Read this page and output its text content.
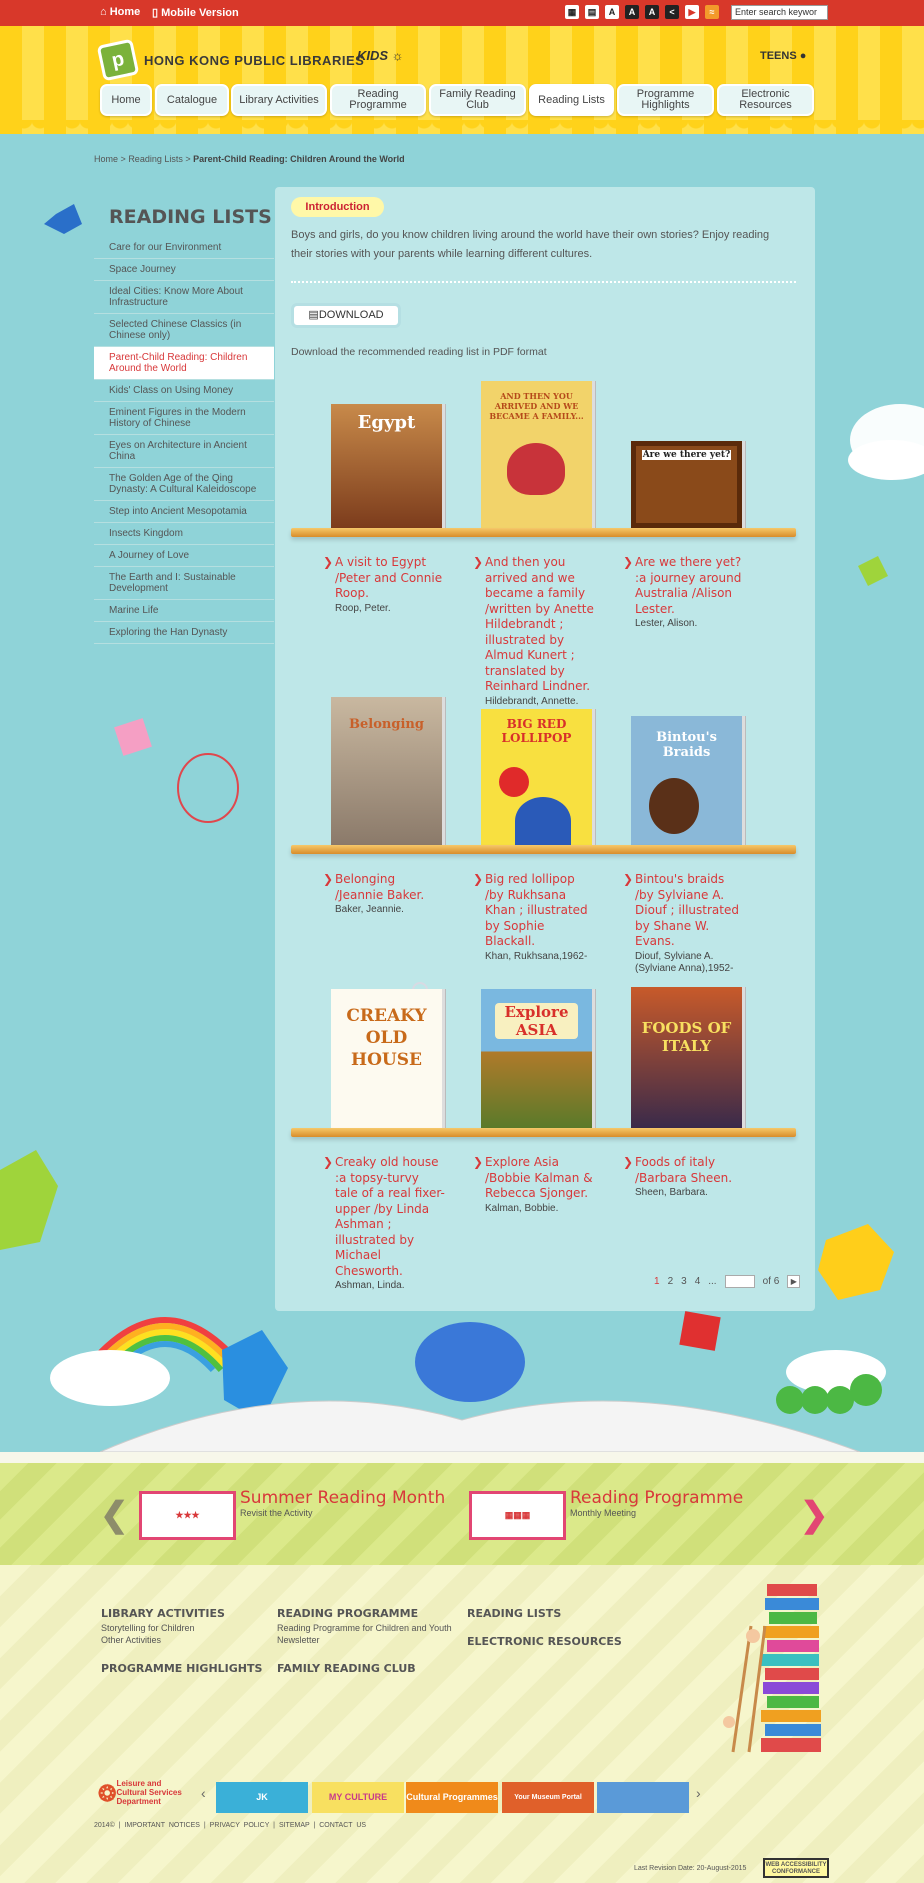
⌂ Home ▯ Mobile Version	▦	▤	A	A	A	<	▶	≈	Enter search keywor
p	HONG KONG PUBLIC LIBRARIES
KIDS ☼	TEENS ●
Home	Catalogue	Library Activities	Reading Programme
Family Reading Club	Reading Lists	Programme Highlights
Electronic Resources
Home > Reading Lists > Parent-Child Reading: Children Around the World
READING LISTS
Care for our Environment
Space Journey
Ideal Cities: Know More About Infrastructure
Selected Chinese Classics (in Chinese only)
Parent-Child Reading: Children Around the World
Kids' Class on Using Money
Eminent Figures in the Modern History of Chinese
Eyes on Architecture in Ancient China
The Golden Age of the Qing Dynasty: A Cultural Kaleidoscope
Step into Ancient Mesopotamia
Insects Kingdom
A Journey of Love
The Earth and I: Sustainable Development
Marine Life
Exploring the Han Dynasty
Introduction
Boys and girls, do you know children living around the world have their own stories? Enjoy reading their stories with your parents while learning different cultures.
▤DOWNLOAD
Download the recommended reading list in PDF format
Egypt
AND THEN YOU ARRIVED AND WE BECAME A FAMILY...
Are we there yet?
❯ A visit to Egypt /Peter and Connie Roop.
Roop, Peter.
❯ And then you arrived and we became a family /written by Anette Hildebrandt ; illustrated by Almud Kunert ; translated by Reinhard Lindner.
Hildebrandt, Annette.
❯ Are we there yet? :a journey around Australia /Alison Lester.
Lester, Alison.
Belonging	BIG RED LOLLIPOP	Bintou's Braids
❯ Belonging /Jeannie Baker.
Baker, Jeannie.
❯ Big red lollipop /by Rukhsana Khan ; illustrated by Sophie Blackall.
Khan, Rukhsana,1962-
❯ Bintou's braids /by Sylviane A. Diouf ; illustrated by Shane W. Evans.
Diouf, Sylviane A. (Sylviane Anna),1952-
CREAKY OLD HOUSE
Explore ASIA	FOODS OF ITALY
❯ Creaky old house :a topsy-turvy tale of a real fixer-upper /by Linda Ashman ; illustrated by Michael Chesworth.
Ashman, Linda.
❯ Explore Asia /Bobbie Kalman & Rebecca Sjonger.
Kalman, Bobbie.
❯ Foods of italy /Barbara Sheen.
Sheen, Barbara.
1 2 3 4 ...	of 6	▶
❮	★★★
Summer Reading Month
Revisit the Activity	▦▦▦
Reading Programme
Monthly Meeting	❯
LIBRARY ACTIVITIES
Storytelling for Children
Other Activities
PROGRAMME HIGHLIGHTS
READING PROGRAMME
Reading Programme for Children and Youth Newsletter
FAMILY READING CLUB
READING LISTS
ELECTRONIC RESOURCES
❂ Leisure and Cultural Services Department
‹	JK	MY CULTURE	Cultural Programmes	Your Museum Portal	›
2014© | IMPORTANT NOTICES | PRIVACY POLICY | SITEMAP | CONTACT US
Last Revision Date: 20-August-2015	WEB ACCESSIBILITY CONFORMANCE
